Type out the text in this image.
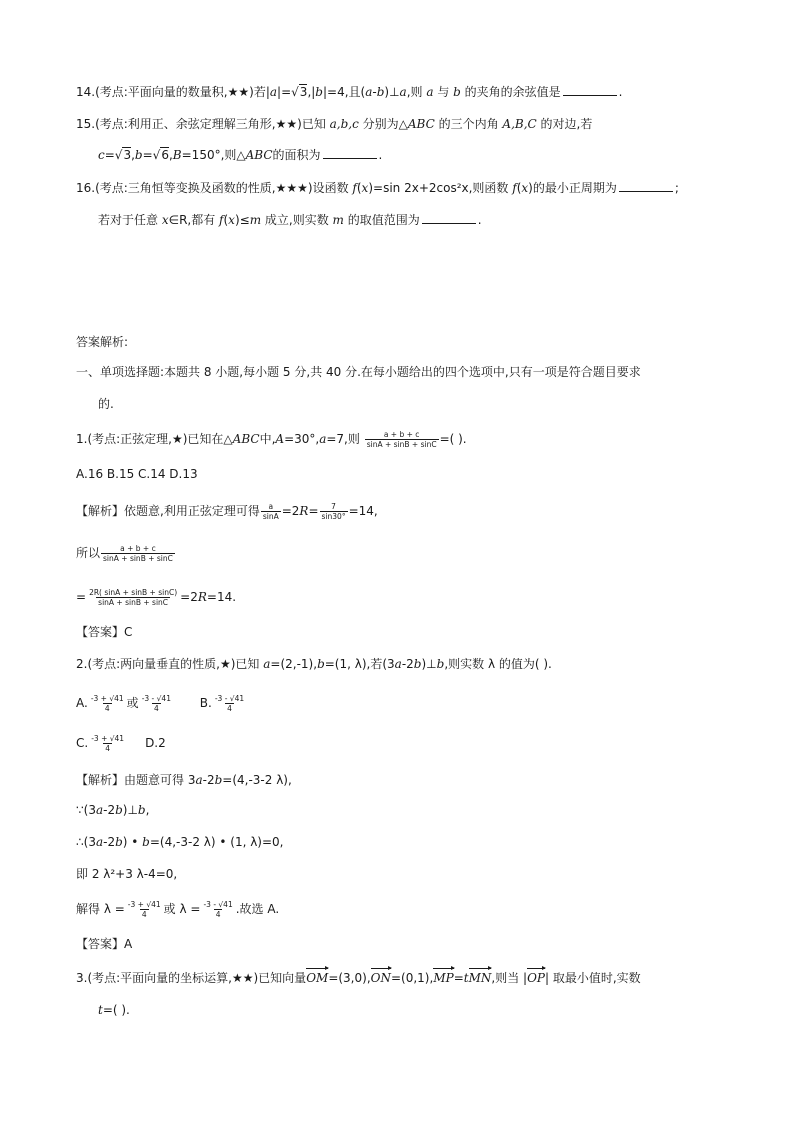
14.(考点:平面向量的数量积,★★)若|a|=√3,|b|=4,且(a-b)⊥a,则 a 与 b 的夹角的余弦值是	.
15.(考点:利用正、余弦定理解三角形,★★)已知 a,b,c 分别为△ABC 的三个内角 A,B,C 的对边,若
c=√3,b=√6,B=150°,则△ABC的面积为	.
16.(考点:三角恒等变换及函数的性质,★★★)设函数 f(x)=sin 2x+2cos²x,则函数 f(x)的最小正周期为	;
若对于任意 x∈R,都有 f(x)≤m 成立,则实数 m 的取值范围为	.
答案解析:
一、单项选择题:本题共 8 小题,每小题 5 分,共 40 分.在每小题给出的四个选项中,只有一项是符合题目要求
的.
1.(考点:正弦定理,★)已知在△ABC中,A=30°,a=7,则 $\frac{a + b + c}{\sin A + \sin B + \sin C}$ =( ).
A.16 B.15 C.14 D.13
【解析】依题意,利用正弦定理可得 $\frac{a}{\sin A} =2R= \frac{7}{\sin 30^\circ} =14$,
所以 $\frac{a + b + c}{\sin A + \sin B + \sin C}$
= $\frac{2R( \sin A + \sin B + \sin C)}{\sin A + \sin B + \sin C} =2R=14$.
【答案】C
2.(考点:两向量垂直的性质,★)已知 a=(2,-1),b=(1, λ),若(3a-2b)⊥b,则实数 λ 的值为( ).
A. $\frac{-3 + √41}{4}$ 或 $\frac{-3 - √41}{4} B$. $\frac{-3 - √41}{4}$
C. $\frac{-3 + √41}{4} D.2$
【解析】由题意可得 3a-2b=(4,-3-2 λ),
∵(3a-2b)⊥b,
∴(3a-2b) • b=(4,-3-2 λ) • (1, λ)=0,
即 2 λ²+3 λ-4=0,
解得 $\lambda = \frac{-3 + √41}{4}$ 或 $\lambda = \frac{-3 - √41}{4}$ .故选 A.
【答案】A
3.(考点:平面向量的坐标运算,★★)已知向量OM=(3,0),ON=(0,1),MP=tMN,则当 |OP| 取最小值时,实数
t=( ).
